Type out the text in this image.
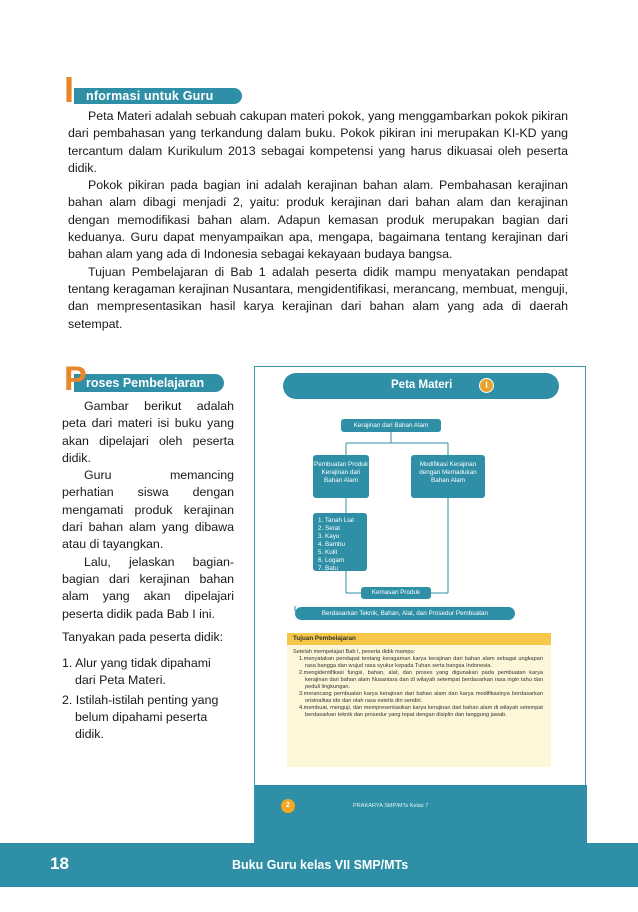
I nformasi untuk Guru

Peta Materi adalah sebuah cakupan materi pokok, yang menggambarkan pokok pikiran dari pembahasan yang terkandung dalam buku. Pokok pikiran ini merupakan KI-KD yang tercantum dalam Kurikulum 2013 sebagai kompetensi yang harus dikuasai oleh peserta didik.

Pokok pikiran pada bagian ini adalah kerajinan bahan alam. Pembahasan kerajinan bahan alam dibagi menjadi 2, yaitu: produk kerajinan dari bahan alam dan kerajinan dengan memodifikasi bahan alam. Adapun kemasan produk merupakan bagian dari keduanya. Guru dapat menyampaikan apa, mengapa, bagaimana tentang kerajinan dari bahan alam yang ada di Indonesia sebagai kekayaan budaya bangsa.

Tujuan Pembelajaran di Bab 1 adalah peserta didik mampu menyatakan pendapat tentang keragaman kerajinan Nusantara, mengidentifikasi, merancang, membuat, menguji, dan mempresentasikan hasil karya kerajinan dari bahan alam yang ada di daerah setempat.

P roses Pembelajaran

Gambar berikut adalah peta dari materi isi buku yang akan dipelajari oleh peserta didik.

Guru memancing perhatian siswa dengan mengamati produk kerajinan dari bahan alam yang dibawa atau di tayangkan.

Lalu, jelaskan bagian-bagian dari kerajinan bahan alam yang akan dipelajari peserta didik pada Bab I ini.

Tanyakan pada peserta didik:

1. Alur yang tidak dipahami dari Peta Materi.
2. Istilah-istilah penting yang belum dipahami peserta didik.
Peta Materi	I
Kerajinan dari Bahan Alam
Pembuatan Produk Kerajinan dari Bahan Alam
Modifikasi Kerajinan dengan Memadukan Bahan Alam
1. Tanah Liat
2. Serat
3. Kayu
4. Bambu
5. Kulit
6. Logam
7. Batu
8. Rotan
Kemasan Produk
Berdasarkan Teknik, Bahan, Alat, dan Prosedur Pembuatan
Tujuan Pembelajaran
Setelah mempelajari Bab I, peserta didik mampu:
1.menyatakan pendapat tentang keragaman karya kerajinan dari bahan alam sebagai ungkapan rasa bangga dan wujud rasa syukur kepada Tuhan serta bangsa Indonesia.
2.mengidentifikasi fungsi, bahan, alat, dan proses yang digunakan pada pembuatan karya kerajinan dari bahan alam Nusantara dan di wilayah setempat berdasarkan rasa ingin tahu dan peduli lingkungan.
3.merancang pembuatan karya kerajinan dari bahan alam dan karya modifikasinya berdasarkan orisinalitas ide dan olah rasa estetis diri sendiri.
4.membuat, menguji, dan mempresentasikan karya kerajinan dari bahan alam di wilayah setempat berdasarkan teknik dan prosedur yang tepat dengan disiplin dan tanggung jawab.
2	PRAKARYA SMP/MTs Kelas 7
18	Buku Guru kelas VII SMP/MTs
